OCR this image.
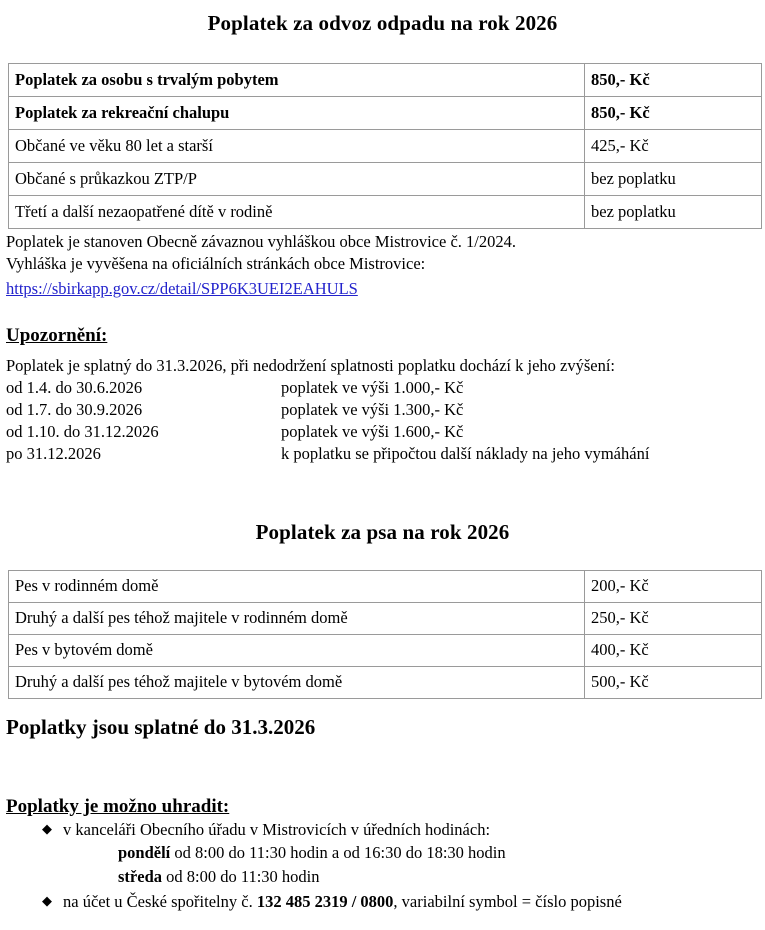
Poplatek za odvoz odpadu na rok 2026
Poplatek za osobu s trvalým pobytem	850,- Kč
Poplatek za rekreační chalupu	850,- Kč
Občané ve věku 80 let a starší	425,- Kč
Občané s průkazkou ZTP/P	bez poplatku
Třetí a další nezaopatřené dítě v rodině	bez poplatku

Poplatek je stanoven Obecně závaznou vyhláškou obce Mistrovice č. 1/2024.

Vyhláška je vyvěšena na oficiálních stránkách obce Mistrovice:

https://sbirkapp.gov.cz/detail/SPP6K3UEI2EAHULS
Upozornění:

Poplatek je splatný do 31.3.2026, při nedodržení splatnosti poplatku dochází k jeho zvýšení:

od 1.4. do 30.6.2026	poplatek ve výši 1.000,- Kč
od 1.7. do 30.9.2026	poplatek ve výši 1.300,- Kč
od 1.10. do 31.12.2026	poplatek ve výši 1.600,- Kč
po 31.12.2026	k poplatku se připočtou další náklady na jeho vymáhání
Poplatek za psa na rok 2026
Pes v rodinném domě	200,- Kč
Druhý a další pes téhož majitele v rodinném domě	250,- Kč
Pes v bytovém domě	400,- Kč
Druhý a další pes téhož majitele v bytovém domě	500,- Kč
Poplatky jsou splatné do 31.3.2026
Poplatky je možno uhradit:
◆ v kanceláři Obecního úřadu v Mistrovicích v úředních hodinách:
pondělí od 8:00 do 11:30 hodin a od 16:30 do 18:30 hodin
středa od 8:00 do 11:30 hodin
◆ na účet u České spořitelny č. 132 485 2319 / 0800, variabilní symbol = číslo popisné
